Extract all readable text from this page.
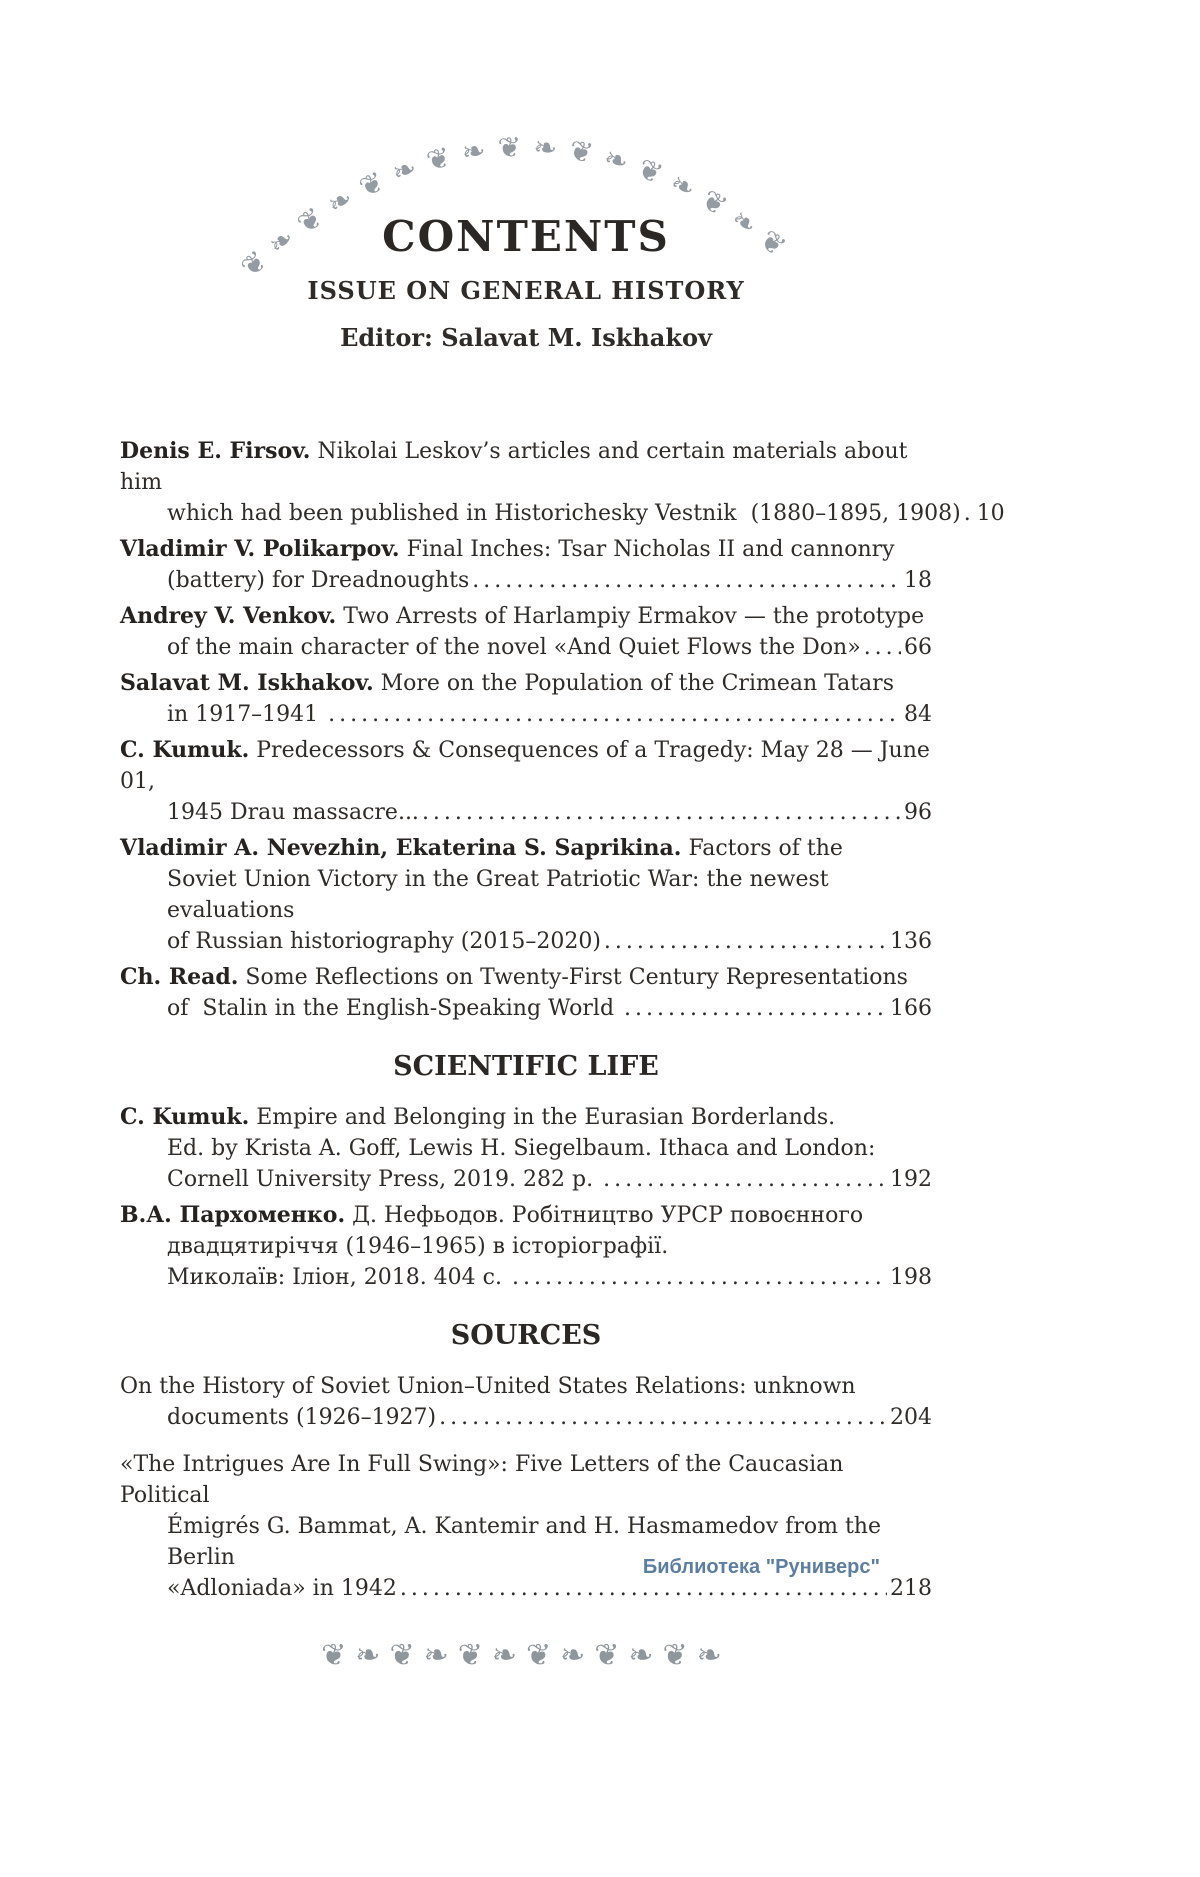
❦❧❦❧❦❧❦❧❦❧❦❧❦❧❦❧❦
CONTENTS
ISSUE ON GENERAL HISTORY
Editor: Salavat M. Iskhakov
Denis E. Firsov. Nikolai Leskov’s articles and certain materials about him
which had been published in Historichesky Vestnik  (1880–1895, 1908) ..... 10
Vladimir V. Polikarpov. Final Inches: Tsar Nicholas II and cannonry
(battery) for Dreadnoughts .....	18
Andrey V. Venkov. Two Arrests of Harlampiy Ermakov — the prototype
of the main character of the novel «And Quiet Flows the Don» ..... 66
Salavat M. Iskhakov. More on the Population of the Crimean Tatars
in 1917–1941 .....	84
C. Kumuk. Predecessors & Consequences of a Tragedy: May 28 — June 01,
1945 Drau massacre... .....	96
Vladimir A. Nevezhin, Ekaterina S. Saprikina. Factors of the
Soviet Union Victory in the Great Patriotic War: the newest evaluations
of Russian historiography (2015–2020) .....	136
Ch. Read. Some Reflections on Twenty-First Century Representations
of  Stalin in the English-Speaking World .....	166
SCIENTIFIC LIFE
C. Kumuk. Empire and Belonging in the Eurasian Borderlands.
Ed. by Krista A. Goff, Lewis H. Siegelbaum. Ithaca and London:
Cornell University Press, 2019. 282 p. .....	192
В.А. Пархоменко. Д. Нефьодов. Робітництво УРСР повоєнного
двадцятиріччя (1946–1965) в історіографії.
Миколаїв: Іліон, 2018. 404 с. .....	198
SOURCES
On the History of Soviet Union–United States Relations: unknown
documents (1926–1927) .....	204
«The Intrigues Are In Full Swing»: Five Letters of the Caucasian Political
Émigrés G. Bammat, A. Kantemir and H. Hasmamedov from the Berlin
«Adloniada» in 1942 .....	218
❦❧❦❧❦❧❦❧❦❧❦❧
Библиотека "Руниверс"
